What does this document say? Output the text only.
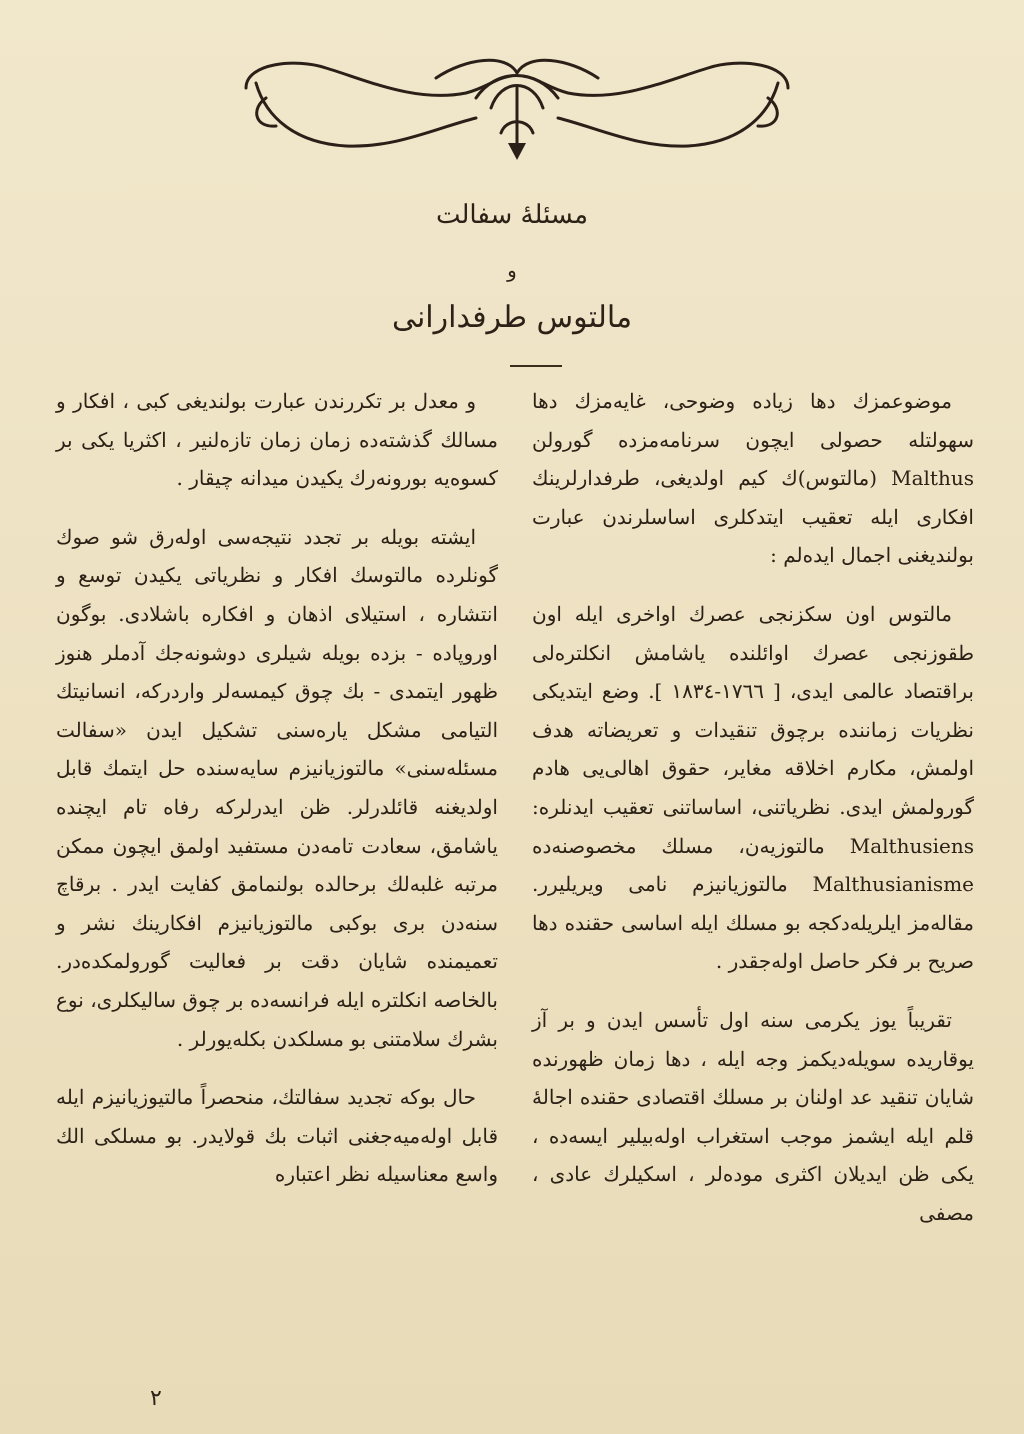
مسئلهٔ سفالت
و
مالتوس طرفدارانی

موضوعمزك دها زياده وضوحی، غايه‌مزك دها سهولتله حصولی ايچون سرنامه‌مزده گورولن Malthus (مالتوس)ك كيم اولديغی، طرفدارلرينك افكاری ايله تعقيب ايتدكلری اساسلرندن عبارت بولنديغنی اجمال ايده‌لم :

مالتوس اون سكزنجی عصرك اواخری ايله اون طقوزنجی عصرك اوائلنده ياشامش انكلتره‌لی براقتصاد عالمی ايدی، [ ١٧٦٦-١٨٣٤ ]. وضع ايتديكی نظريات زماننده برچوق تنقيدات و تعريضاته هدف اولمش، مكارم اخلاقه مغاير، حقوق اهالی‌يی هادم گورولمش ايدی. نظرياتنی، اساساتنی تعقيب ايدنلره: Malthusiens مالتوزيه‌ن، مسلك مخصوصنه‌ده Malthusianisme مالتوزيانيزم نامی ويريليرر. مقاله‌مز ايلريله‌دكجه بو مسلك ايله اساسی حقنده دها صريح بر فكر حاصل اوله‌جقدر .

تقريباً يوز يكرمی سنه اول تأسس ايدن و بر آز يوقاريده سويله‌ديكمز وجه ايله ، دها زمان ظهورنده شايان تنقيد عد اولنان بر مسلك اقتصادی حقنده اجالهٔ قلم ايله ايشمز موجب استغراب اوله‌بيلير ايسه‌ده ، يكی ظن ايديلان اكثری موده‌لر ، اسكيلرك عادی ، مصفی

و معدل بر تكررندن عبارت بولنديغی كبی ، افكار و مسالك گذشته‌ده زمان زمان تازه‌لنير ، اكثريا يكی بر كسوه‌يه بورونه‌رك يكيدن ميدانه چيقار .

ايشته بويله بر تجدد نتيجه‌سی اوله‌رق شو صوك گونلرده مالتوسك افكار و نظرياتی يكيدن توسع و انتشاره ، استيلای اذهان و افكاره باشلادی. بوگون اوروپاده - بزده بويله شيلری دوشونه‌جك آدملر هنوز ظهور ايتمدی - بك چوق كيمسه‌لر واردركه، انسانيتك التيامی مشكل ياره‌سنی تشكيل ايدن «سفالت مسئله‌سنی» مالتوزيانيزم سايه‌سنده حل ايتمك قابل اولديغنه قائلدرلر. ظن ايدرلركه رفاه تام ايچنده ياشامق، سعادت تامه‌دن مستفيد اولمق ايچون ممكن مرتبه غلبه‌لك برحالده بولنمامق كفايت ايدر . برقاچ سنه‌دن بری بوكبی مالتوزيانيزم افكارينك نشر و تعميمنده شايان دقت بر فعاليت گورولمكده‌در. بالخاصه انكلتره ايله فرانسه‌ده بر چوق ساليكلری، نوع بشرك سلامتنی بو مسلكدن بكله‌يورلر .

حال بوكه تجديد سفالتك، منحصراً مالتيوزيانيزم ايله قابل اوله‌ميه‌جغنی اثبات بك قولايدر. بو مسلكی الك واسع معناسيله نظر اعتباره

٢
